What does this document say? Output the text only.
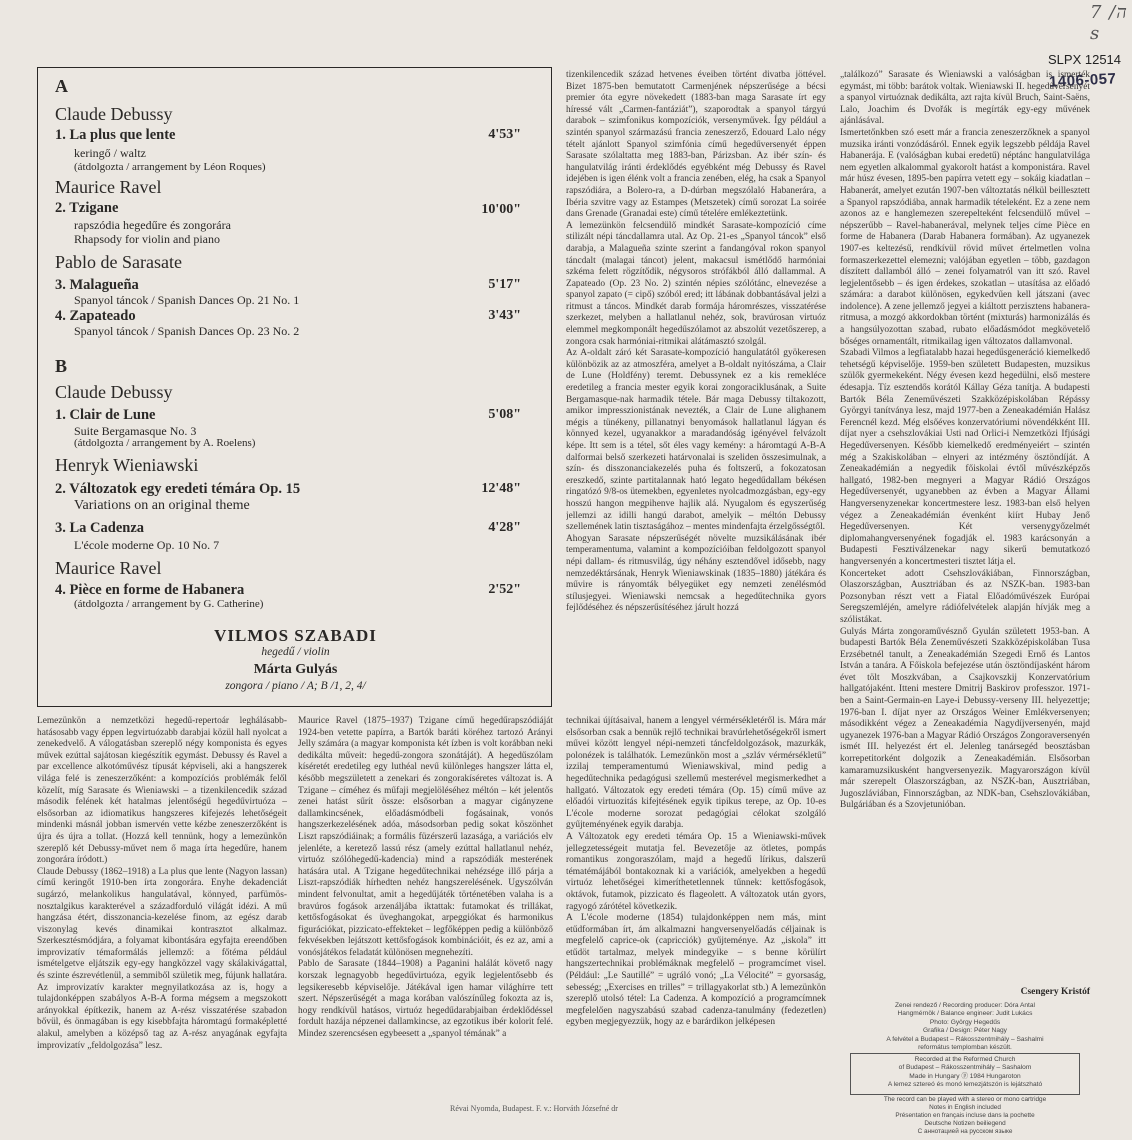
ה/ 7 s
SLPX 12514
1406-057
A
Claude Debussy
1. La plus que lente	4'53"
keringő / waltz
(átdolgozta / arrangement by Léon Roques)
Maurice Ravel
2. Tzigane	10'00"
rapszódia hegedűre és zongorára
Rhapsody for violin and piano
Pablo de Sarasate
3. Malagueña	5'17"
Spanyol táncok / Spanish Dances Op. 21 No. 1
4. Zapateado	3'43"
Spanyol táncok / Spanish Dances Op. 23 No. 2
B
Claude Debussy
1. Clair de Lune	5'08"
Suite Bergamasque No. 3
(átdolgozta / arrangement by A. Roelens)
Henryk Wieniawski
2. Változatok egy eredeti témára Op. 15	12'48"
Variations on an original theme
3. La Cadenza	4'28"
L'école moderne Op. 10 No. 7
Maurice Ravel
4. Pièce en forme de Habanera	2'52"
(átdolgozta / arrangement by G. Catherine)
VILMOS SZABADI
hegedű / violin
Márta Gulyás
zongora / piano / A; B /1, 2, 4/

Lemezünkön a nemzetközi hegedű-repertoár leghálásabb-hatásosabb vagy éppen legvirtuózabb darabjai közül hall nyolcat a zenekedvelő. A válogatásban szereplő négy komponista és egyes művek ezúttal sajátosan kiegészítik egymást. Debussy és Ravel a par excellence alkotóművész típusát képviseli, aki a hangszerek világa felé is zeneszerzőként: a kompozíciós problémák felől közelít, míg Sarasate és Wieniawski – a tizenkilencedik század második felének két hatalmas jelentőségű hegedűvirtuóza – elsősorban az idiomatikus hangszeres kifejezés lehetőségeit mindenki másnál jobban ismervén vette kézbe zeneszerzőként is újra és újra a tollat. (Hozzá kell tennünk, hogy a lemezünkön szereplő két Debussy-művet nem ő maga írta hegedűre, hanem zongorára íródott.)

Claude Debussy (1862–1918) a La plus que lente (Nagyon lassan) című keringőt 1910-ben írta zongorára. Enyhe dekadenciát sugárzó, melankolikus hangulatával, könnyed, parfümös-nosztalgikus karakterével a századforduló világát idézi. A mű hangzása étért, disszonancia-kezelése finom, az egész darab viszonylag kevés dinamikai kontrasztot alkalmaz. Szerkesztésmódjára, a folyamat kibontására egyfajta ereendőben improvizatív témaformálás jellemző: a főtéma például ismételgetve eljátszik egy-egy hangközzel vagy skálakivágattal, és szinte észrevétlenül, a semmiből születik meg, fújunk hallatára. Az improvizatív karakter megnyilatkozása az is, hogy a tulajdonképpen szabályos A-B-A forma mégsem a megszokott arányokkal építkezik, hanem az A-rész visszatérése szabadon bővül, és önmagában is egy kisebbfajta háromtagú formaképletté alakul, amelyben a középső tag az A-rész anyagának egyfajta improvizatív „feldolgozása” lesz.

Maurice Ravel (1875–1937) Tzigane című hegedűrapszódiáját 1924-ben vetette papírra, a Bartók baráti köréhez tartozó Arányi Jelly számára (a magyar komponista két ízben is volt korábban neki dedikálta műveit: hegedű-zongora szonátáját). A hegedűszólam kíséretét eredetileg egy luthéal nevű különleges hangszer látta el, később megszületett a zenekari és zongorakíséretes változat is. A Tzigane – címéhez és műfaji megjelöléséhez méltón – két jelentős zenei hatást sűrít össze: elsősorban a magyar cigányzene dallamkincsének, előadásmódbeli fogásainak, vonós hangszerkezelésének adóa, másodsorban pedig sokat köszönhet Liszt rapszódiáinak; a formális füzérszerű lazasága, a variációs elv jelenléte, a keretező lassú rész (amely ezúttal hallatlanul nehéz, virtuóz szólóhegedű-kadencia) mind a rapszódiák mesterének hatására utal. A Tzigane hegedűtechnikai nehézsége illő párja a Liszt-rapszódiák hírhedten nehéz hangszerelésének. Ugyszólván mindent felvonultat, amit a hegedűjáték történetében valaha is a bravúros fogások arzenáljába iktattak: futamokat és trillákat, kettősfogásokat és üveghangokat, arpeggiókat és harmonikus figurációkat, pizzicato-effekteket – legfőképpen pedig a különböző fekvésekben lejátszott kettősfogások kombinációit, és ez az, ami a vonósjátékos feladatát különösen megnehezíti.

Pablo de Sarasate (1844–1908) a Paganini halálát követő nagy korszak legnagyobb hegedűvirtuóza, egyik legjelentősebb és legsikeresebb képviselője. Játékával igen hamar világhírre tett szert. Népszerűségét a maga korában valószínűleg fokozta az is, hogy rendkívül hatásos, virtuóz hegedűdarabjaiban érdeklődéssel fordult hazája népzenei dallamkincse, az egzotikus ibér kolorit felé. Mindez szerencsésen egybeesett a „spanyol témának” a

tizenkilencedik század hetvenes éveiben történt divatba jöttével. Bizet 1875-ben bemutatott Carmenjének népszerűsége a bécsi premier óta egyre növekedett (1883-ban maga Sarasate írt egy híressé vált „Carmen-fantáziát”), szaporodtak a spanyol tárgyú darabok – szimfonikus kompozíciók, versenyművek. Így például a szintén spanyol származású francia zeneszerző, Edouard Lalo négy tételt ajánlott Spanyol szimfónia című hegedűversenyét éppen Sarasate szólaltatta meg 1883-ban, Párizsban. Az ibér szín- és hangulatvilág iránti érdeklődés egyébként még Debussy és Ravel idejében is igen élénk volt a francia zenében, elég, ha csak a Spanyol rapszódiára, a Bolero-ra, a D-dúrban megszólaló Habanerára, a Ibéria szvitre vagy az Estampes (Metszetek) című sorozat La soirée dans Grenade (Granadai este) című tételére emlékeztetünk.

A lemezünkön felcsendülő mindkét Sarasate-kompozíció címe stilizált népi táncdallamra utal. Az Op. 21-es „Spanyol táncok” első darabja, a Malagueña szinte szerint a fandangóval rokon spanyol táncdalt (malagai táncot) jelent, makacsul ismétlődő harmóniai szkéma felett rögzítődik, négysoros strófákból álló dallammal. A Zapateado (Op. 23 No. 2) szintén népies szólótánc, elnevezése a spanyol zapato (= cipő) szóból ered; itt lábának dobbantásával jelzi a ritmust a táncos. Mindkét darab formája háromrészes, visszatérése szerkezet, melyben a hallatlanul nehéz, sok, bravúrosan virtuóz elemmel megkomponált hegedűszólamot az abszolút vezetőszerep, a zongora csak harmóniai-ritmikai alátámasztó szolgál.

Az A-oldalt záró két Sarasate-kompozíció hangulatától gyökeresen különbözik az az atmoszféra, amelyet a B-oldalt nyitószáma, a Clair de Lune (Holdfény) teremt. Debussynek ez a kis remekléce eredetileg a francia mester egyik korai zongoraciklusának, a Suite Bergamasque-nak harmadik tétele. Bár maga Debussy tiltakozott, amikor impresszionistának nevezték, a Clair de Lune alighanem mégis a tünékeny, pillanatnyi benyomások hallatlanul lágyan és könnyed kezel, ugyanakkor a maradandóság igényével felvázolt képe. Itt sem is a tétel, sőt éles vagy kemény: a háromtagú A-B-A dalformai belső szerkezeti határvonalai is szeliden összesimulnak, a szín- és disszonanciakezelés puha és foltszerű, a fokozatosan ereszkedő, szinte partitalannak ható legato hegedűdallam békésen ringatózó 9/8-os ütemekben, egyenletes nyolcadmozgásban, egy-egy hosszú hangon megpihenve hajlik alá. Nyugalom és egyszerűség jellemzi az idilli hangú darabot, amelyik – méltón Debussy szellemének latin tisztaságához – mentes mindenfajta érzelgősségtől.

Ahogyan Sarasate népszerűségét növelte muzsikálásának ibér temperamentuma, valamint a kompozícióiban feldolgozott spanyol népi dallam- és ritmusvilág, úgy néhány esztendővel idősebb, nagy nemzedéktársának, Henryk Wieniawskinak (1835–1880) játékára és művire is rányomták bélyegüket egy nemzeti zenélésmód stílusjegyei. Wieniawski nemcsak a hegedűtechnika gyors fejlődéséhez és népszerűsítéséhez járult hozzá

technikai újításaival, hanem a lengyel vérmérsékletéről is. Mára már elsősorban csak a bennük rejlő technikai bravúrlehetőségekről ismert művei között lengyel népi-nemzeti táncfeldolgozások, mazurkák, polonézek is találhatók. Lemezünkön most a „szláv vérmérsékletű” izzilaj temperamentumú Wieniawskival, mind pedig a hegedűtechnika pedagógusi szellemű mesterével megismerkedhet a hallgató. Változatok egy eredeti témára (Op. 15) című műve az előadói virtuozitás kifejtésének egyik tipikus terepe, az Op. 10-es L'école moderne sorozat pedagógiai célokat szolgáló gyűjteményének egyik darabja.

A Változatok egy eredeti témára Op. 15 a Wieniawski-művek jellegzetességeit mutatja fel. Bevezetője az ötletes, pompás romantikus zongoraszólam, majd a hegedű lírikus, dalszerű tématémájából bontakoznak ki a variációk, amelyekben a hegedű virtuóz lehetőségei kimeríthetetlennek tűnnek: kettősfogások, oktávok, futamok, pizzicato és flageolett. A változatok után gyors, ragyogó zárótétel következik.

A L'école moderne (1854) tulajdonképpen nem más, mint etűdformában írt, ám alkalmazni hangversenyelőadás céljainak is megfelelő caprice-ok (capricciók) gyűjteménye. Az „iskola” itt etűdöt tartalmaz, melyek mindegyike – s benne körülírt hangszertechnikai problémáknak megfelelő – programcímet visel. (Például: „Le Sautillé” = ugráló vonó; „La Vélocité” = gyorsaság, sebesség; „Exercises en trilles” = trillagyakorlat stb.) A lemezünkön szereplő utolsó tétel: La Cadenza. A kompozíció a programcímnek megfelelően nagyszabású szabad cadenza-tanulmány (fedezetlen) egyben megjegyezzük, hogy az e barárdikon jelképesen

„találkozó” Sarasate és Wieniawski a valóságban is ismerték egymást, mi több: barátok voltak. Wieniawski II. hegedűversenyét a spanyol virtuóznak dedikálta, azt rajta kívül Bruch, Saint-Saëns, Lalo, Joachim és Dvořák is megírták egy-egy művének ajánlásával.

Ismertetőnkben szó esett már a francia zeneszerzőknek a spanyol muzsika iránti vonzódásáról. Ennek egyik legszebb példája Ravel Habanerája. E (valóságban kubai eredetű) néptánc hangulatvilága nem egyetlen alkalommal gyakorolt hatást a komponistára. Ravel már húsz évesen, 1895-ben papírra vetett egy – sokáig kiadatlan – Habanerát, amelyet ezután 1907-ben változtatás nélkül beillesztett a Spanyol rapszódiába, annak harmadik tételeként. Ez a zene nem azonos az e hanglemezen szerepelteként felcsendülő művel – népszerűbb – Ravel-habanerával, melynek teljes címe Pièce en forme de Habanera (Darab Habanera formában). Az ugyanezek 1907-es keltezésű, rendkívül rövid művet értelmetlen volna formaszerkezettel elemezni; valójában egyetlen – több, gazdagon díszített dallamból álló – zenei folyamatról van itt szó. Ravel legjelentősebb – és igen érdekes, szokatlan – utasítása az előadó számára: a darabot különösen, egykedvűen kell játszani (avec indolence). A zene jellemző jegyei a kiáltott perzisztens habanera-ritmusa, a mozgó akkordokban történt (mixturás) harmonizálás és a hangsúlyozottan szabad, rubato előadásmódot megkövetelő bőséges ornamentált, ritmikailag igen változatos dallamvonal.

Szabadi Vilmos a legfiatalabb hazai hegedűsgeneráció kiemelkedő tehetségű képviselője. 1959-ben született Budapesten, muzsikus szülők gyermekeként. Négy évesen kezd hegedülni, első mestere édesapja. Tíz esztendős korától Kállay Géza tanítja. A budapesti Bartók Béla Zeneművészeti Szakközépiskolában Répássy Györgyi tanítványa lesz, majd 1977-ben a Zeneakadémián Halász Ferencnél kezd. Még elsőéves konzervatóriumi növendékként III. díjat nyer a csehszlovákiai Usti nad Orlici-i Nemzetközi Ifjúsági Hegedűversenyen. Később kiemelkedő eredményeiért – szintén még a Szakiskolában – elnyeri az intézmény ösztöndíját. A Zeneakadémián a negyedik főiskolai évtől művészképzős hallgató, 1982-ben megnyeri a Magyar Rádió Országos Hegedűversenyét, ugyanebben az évben a Magyar Állami Hangversenyzenekar koncertmestere lesz. 1983-ban első helyen végez a Zeneakadémián évenként kiírt Hubay Jenő Hegedűversenyen. Két versenygyőzelmét diplomahangversenyének fogadják el. 1983 karácsonyán a Budapesti Fesztiválzenekar nagy sikerű bemutatkozó hangversenyén a koncertmesteri tisztet látja el.

Koncerteket adott Csehszlovákiában, Finnországban, Olaszországban, Ausztriában és az NSZK-ban. 1983-ban Pozsonyban részt vett a Fiatal Előadóművészek Európai Seregszemléjén, amelyre rádiófelvételek alapján hívják meg a szólistákat.

Gulyás Márta zongoraművésznő Gyulán született 1953-ban. A budapesti Bartók Béla Zeneművészeti Szakközépiskolában Tusa Erzsébetnél tanult, a Zeneakadémián Szegedi Ernő és Lantos István a tanára. A Főiskola befejezése után ösztöndíjasként három évet tölt Moszkvában, a Csajkovszkij Konzervatórium hallgatójaként. Itteni mestere Dmitrij Baskirov professzor. 1971-ben a Saint-Germain-en Laye-i Debussy-verseny III. helyezettje; 1976-ban I. díjat nyer az Országos Weiner Emlékversenyen; másodikként végez a Zeneakadémia Nagydíjversenyén, majd ugyanezek 1976-ban a Magyar Rádió Országos Zongoraversenyén ismét III. helyezést ért el. Jelenleg tanársegéd beosztásban korrepetitorként dolgozik a Zeneakadémián. Elsősorban kamaramuzsikusként hangversenyezik. Magyarországon kívül már szerepelt Olaszországban, az NSZK-ban, Ausztriában, Jugoszláviában, Finnországban, az NDK-ban, Csehszlovákiában, Bulgáriában és a Szovjetunióban.

Csengery Kristóf
Zenei rendező / Recording producer: Dóra Antal
Hangmérnök / Balance engineer: Judit Lukács
Photo: György Hegedűs
Grafika / Design: Péter Nagy
A felvétel a Budapest – Rákosszentmihály – Sashalmi
református templomban készült.
Recorded at the Reformed Church
of Budapest – Rákosszentmihály – Sashalom
Made in Hungary ⓟ 1984 Hungaroton
A lemez sztereó és monó lemezjátszón is lejátszható
The record can be played with a stereo or mono cartridge
Notes in English included
Présentation en français incluse dans la pochette
Deutsche Notizen beiliegend
С аннотацией на русском языке
Révai Nyomda, Budapest. F. v.: Horváth Józsefné dr
